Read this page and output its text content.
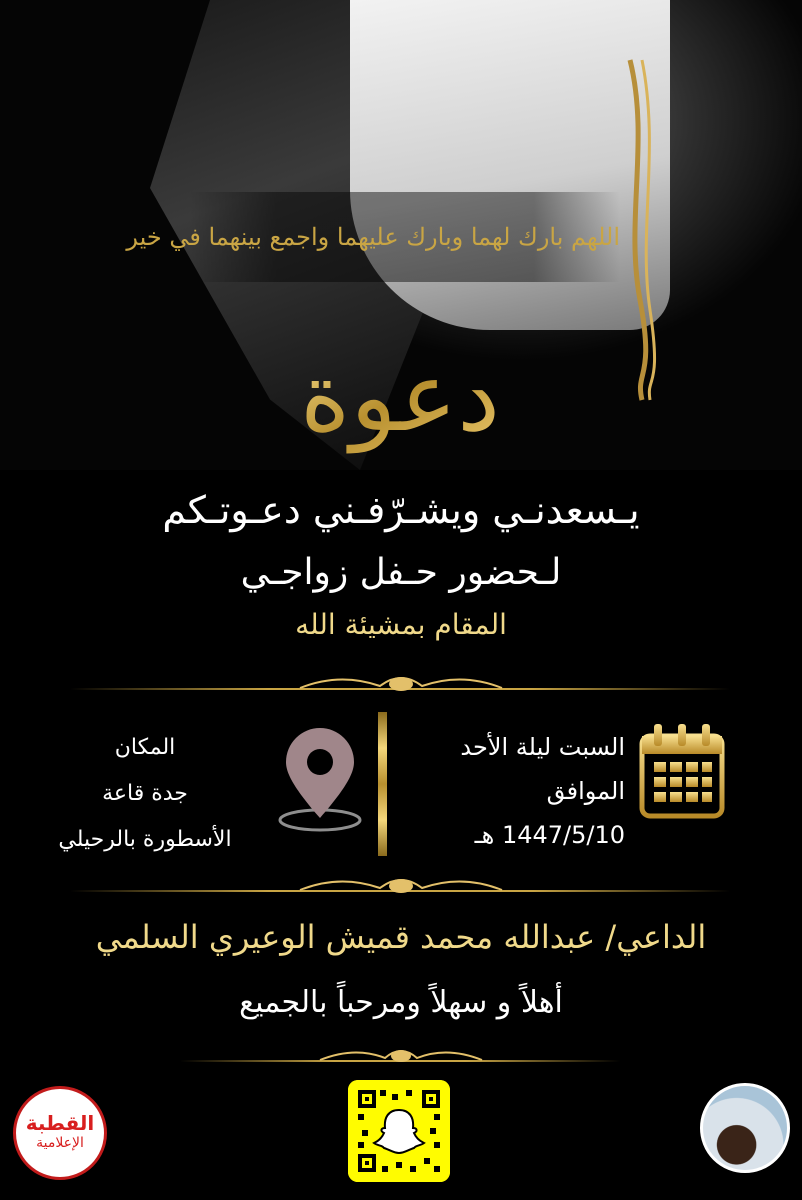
اللهم بارك لهما وبارك عليهما واجمع بينهما في خير
دعوة
يـسعدنـي ويشـرّفـني دعـوتـكم
لـحضور حـفل زواجـي
المقام بمشيئة الله
السبت ليلة الأحد
الموافق
1447/5/10 هـ
المكان
جدة قاعة
الأسطورة بالرحيلي
الداعي/ عبدالله محمد قميش الوعيري السلمي
أهلاً و سهلاً ومرحباً بالجميع
القطبة
الإعلامية
